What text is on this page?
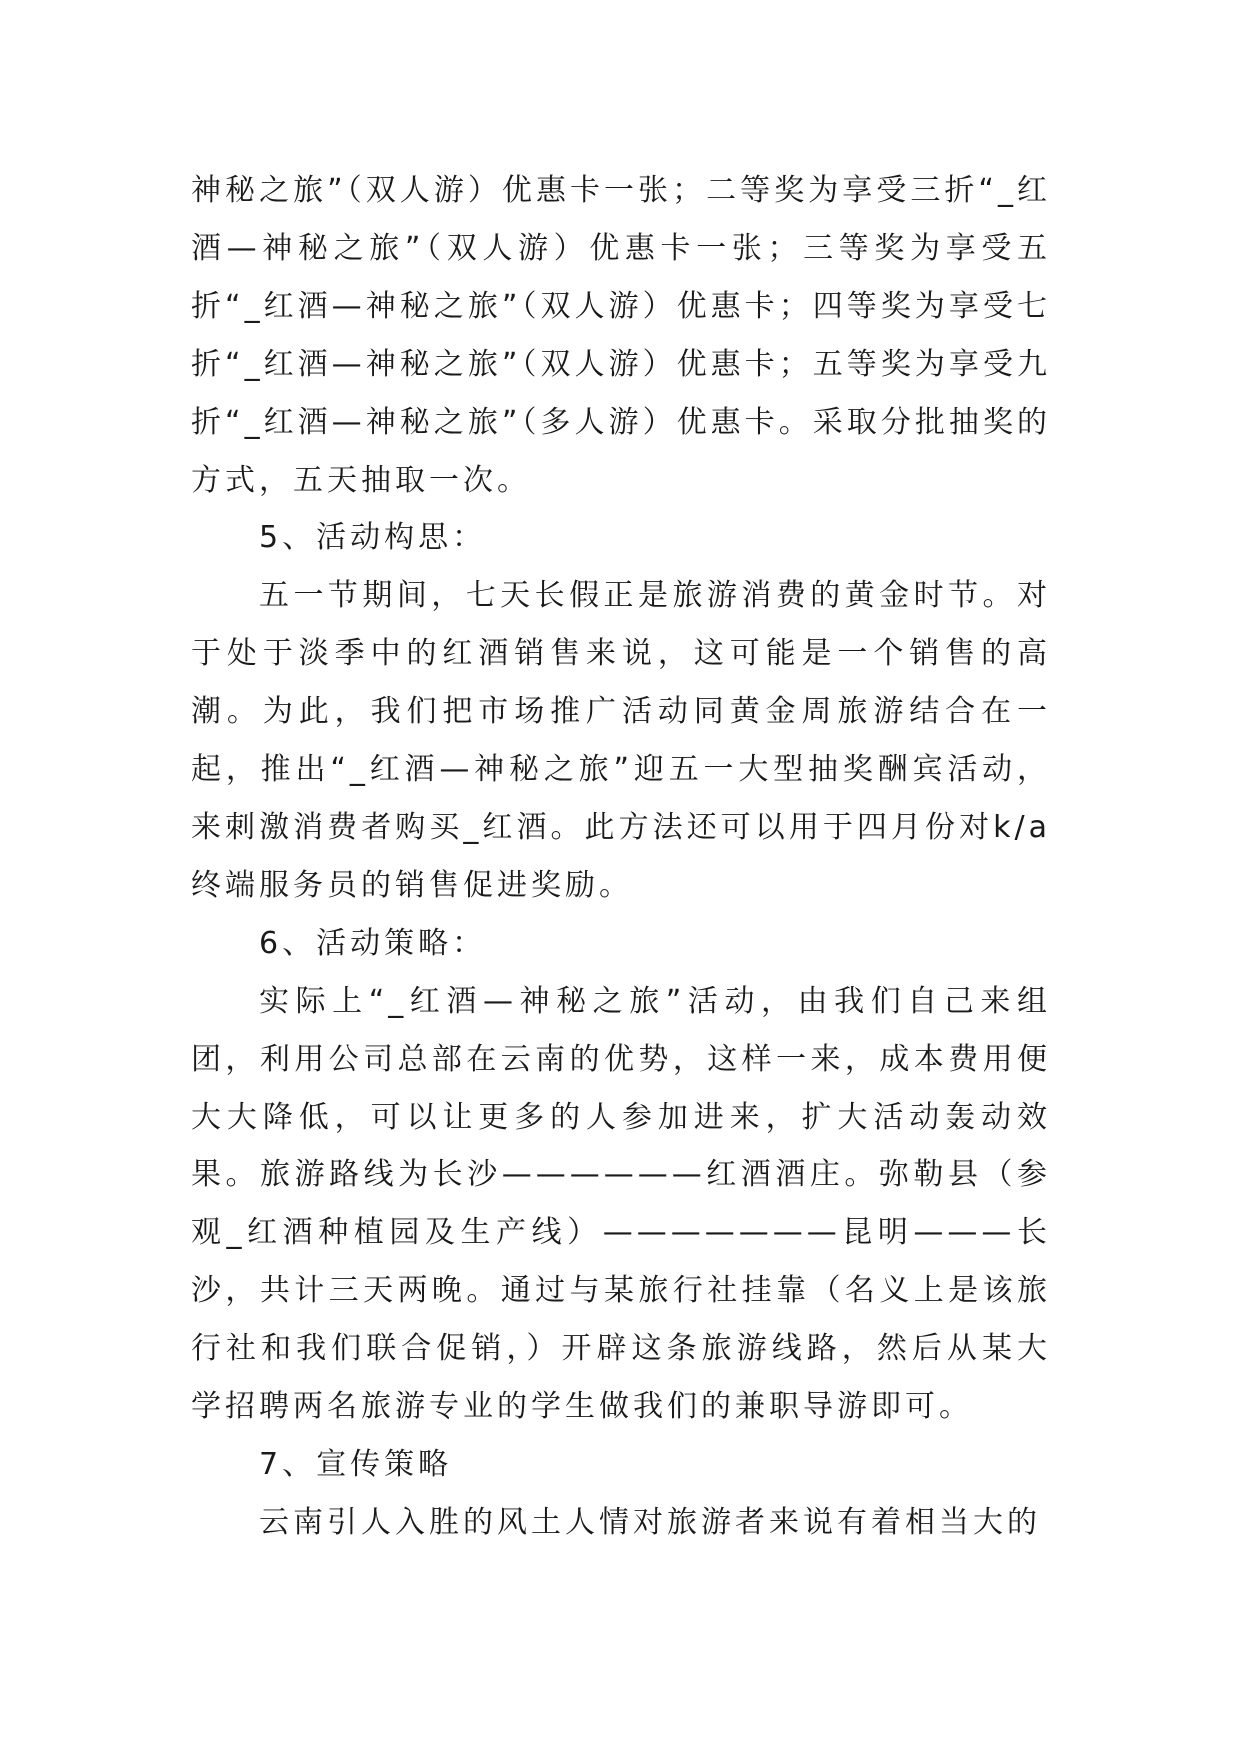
神秘之旅”（双人游）优惠卡一张；二等奖为享受三折“_红酒—神秘之旅”（双人游）优惠卡一张；三等奖为享受五折“_红酒—神秘之旅”（双人游）优惠卡；四等奖为享受七折“_红酒—神秘之旅”（双人游）优惠卡；五等奖为享受九折“_红酒—神秘之旅”（多人游）优惠卡。采取分批抽奖的方式，五天抽取一次。

5、活动构思：

五一节期间，七天长假正是旅游消费的黄金时节。对于处于淡季中的红酒销售来说，这可能是一个销售的高潮。为此，我们把市场推广活动同黄金周旅游结合在一起，推出“_红酒—神秘之旅”迎五一大型抽奖酬宾活动，来刺激消费者购买_红酒。此方法还可以用于四月份对k/a终端服务员的销售促进奖励。

6、活动策略：

实际上“_红酒—神秘之旅”活动，由我们自己来组团，利用公司总部在云南的优势，这样一来，成本费用便大大降低，可以让更多的人参加进来，扩大活动轰动效果。旅游路线为长沙——————红酒酒庄。弥勒县（参观_红酒种植园及生产线）———————昆明———长沙，共计三天两晚。通过与某旅行社挂靠（名义上是该旅行社和我们联合促销，）开辟这条旅游线路，然后从某大学招聘两名旅游专业的学生做我们的兼职导游即可。

7、宣传策略

云南引人入胜的风土人情对旅游者来说有着相当大的
